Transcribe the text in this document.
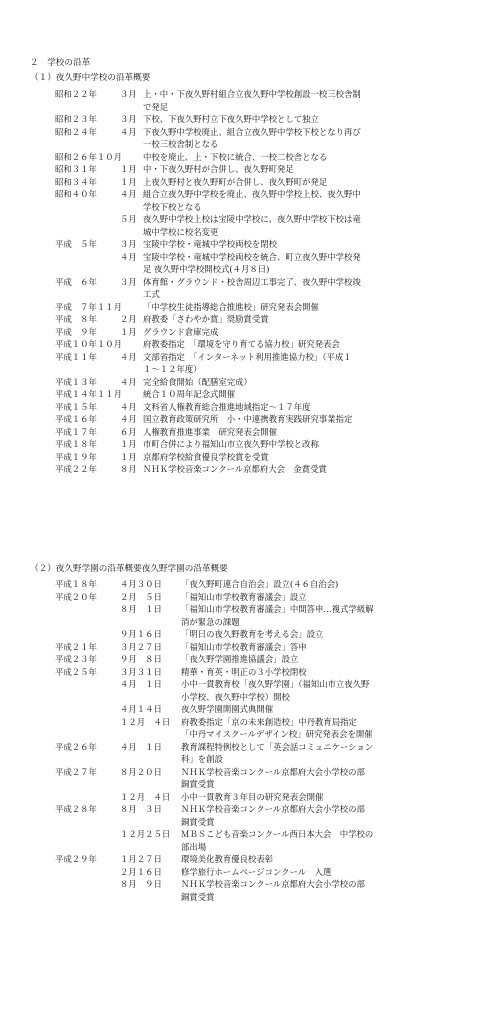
２　学校の沿革
（１）夜久野中学校の沿革概要
昭和２２年	３月 上・中・下夜久野村組合立夜久野中学校創設一校三校舎制
で発足
昭和２３年	３月 下校、下夜久野村立下夜久野中学校として独立
昭和２４年	４月 下夜久野中学校廃止、組合立夜久野中学校下校となり再び
一校三校舎制となる
昭和２６年１０月	中校を廃止、上・下校に統合、一校二校舎となる
昭和３１年	１月 中・下夜久野村が合併し、夜久野町発足
昭和３４年	１月 上夜久野村と夜久野町が合併し、夜久野町が発足
昭和４０年	４月 組合立夜久野中学校を廃止、夜久野中学校上校、夜久野中
学校下校となる
５月 夜久野中学校上校は宝陵中学校に、夜久野中学校下校は竜
城中学校に校名変更
平成　５年	３月 宝陵中学校・竜城中学校両校を閉校
４月 宝陵中学校・竜城中学校両校を統合、町立夜久野中学校発
足 夜久野中学校開校式(４月８日)
平成　６年	３月 体育館・グラウンド・校舎周辺工事完了、夜久野中学校竣
工式
平成　７年１１月	「中学校生徒指導総合推進校」研究発表会開催
平成　８年	２月 府教委「さわやか賞」奨励賞受賞
平成　９年	１月 グラウンド倉庫完成
平成１０年１０月	府教委指定　「環境を守り育てる協力校」研究発表会
平成１１年	４月 文部省指定　「インターネット利用推進協力校」（平成１
１～１２年度）
平成１３年	４月 完全給食開始（配膳室完成）
平成１４年１１月	統合１０周年記念式開催
平成１５年	４月 文科省人権教育総合推進地域指定～１７年度
平成１６年	４月 国立教育政策研究所　小・中連携教育実践研究事業指定
平成１７年	６月 人権教育推進事業　研究発表会開催
平成１８年	１月 市町合併により福知山市立夜久野中学校と改称
平成１９年	１月 京都府学校給食優良学校賞を受賞
平成２２年	８月 ＮＨＫ学校音楽コンクール京都府大会　金賞受賞
（２）夜久野学園の沿革概要夜久野学園の沿革概要
平成１８年	４月３０日 「夜久野町連合自治会」設立(４６自治会)
平成２０年	２月　５日 「福知山市学校教育審議会」設立
８月　１日 「福知山市学校教育審議会」中間答申…複式学級解
消が緊急の課題
９月１６日 「明日の夜久野教育を考える会」設立
平成２１年	３月２７日 「福知山市学校教育審議会」答申
平成２３年	９月　８日 「夜久野学園推進協議会」設立
平成２５年	３月３１日 精華・育英・明正の３小学校閉校
４月　１日 小中一貫教育校「夜久野学園」（福知山市立夜久野
小学校、夜久野中学校）開校
４月１４日 夜久野学園開園式典開催
１２月　４日 府教委指定「京の未来創造校」中丹教育局指定
「中丹マイスクールデザイン校」研究発表会を開催
平成２６年	４月　１日 教育課程特例校として「英会話コミュニケーション
科」を創設
平成２７年	８月２０日 ＮＨＫ学校音楽コンクール京都府大会小学校の部
銅賞受賞
１２月　４日 小中一貫教育３年目の研究発表会開催
平成２８年	８月　３日 ＮＨＫ学校音楽コンクール京都府大会小学校の部
銅賞受賞
１２月２５日 ＭＢＳこども音楽コンクール西日本大会　中学校の
部出場
平成２９年	１月２７日 環境美化教育優良校表彰
２月１６日 修学旅行ホームページコンクール　入選
８月　９日 ＮＨＫ学校音楽コンクール京都府大会小学校の部
銅賞受賞
